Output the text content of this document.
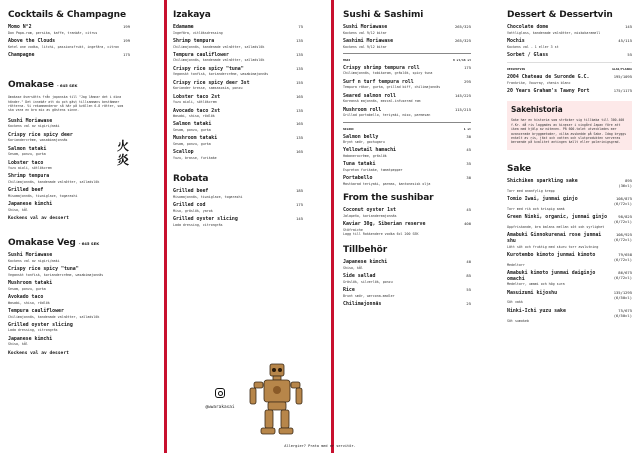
Cocktails & Champagne
Momo N°2	199
Don Papa-rom, persika, kaffe, tranbär, citrus
Above the Clouds	199
Ketel one vodka, litchi, passionsfrukt, ingefära, citron
Champagne	175
Omakase - 645 SEK
Omakase översätts från japanska till "Jag lämnar det i dina händer." Det innebär att du och gäst tillsammans bestämmer rätterna. Vi rekommenderar så här på kvällen 6-8 rätter, som ska vara en bra mix av gästens sinne.
Sushi Moriawase
Kockens val av nigiri/maki
Crispy rice spicy deer
Koriandercrème, wasabimajonnäs
Salmon tataki
Sesam, ponzu, gurka
Lobster taco
Yuzu aioli, sötlökcrem
Shrimp tempura
Chilimajonnäs, kandenade valnötter, salladslök
Grilled beef
Misomajonnäs, tiwniglaze, togarashi
Japanese kimchi
Shiso, kål
Kockens val av dessert
Omakase Veg - 645 SEK
Sushi Moriawase
Kockens val av nigiri/maki
Crispy rice spicy "tuna"
Veganskt tonfisk, koriandercrème, wasabimajonnäs
Mushroom tataki
Sesam, ponzu, gurka
Avokado taco
Wasabi, shiso, rödlök
Tempura cauliflower
Chilimajonnäs, kandenade valnötter, salladslök
Grilled oyster slicing
Lada dressing, citrongräs
Japanese kimchi
Shiso, kål
Kockens val av dessert
火
炎
Izakaya
Edamame	75
Ingefära, vitlöksdressing
Shrimp tempura	135
Chilimajonnäs, kandenade valnötter, salladslök
Tempura cauliflower	135
Chilimajonnäs, kandenade valnötter, salladslök
Crispy rice spicy "tuna"	135
Veganskt tonfisk, koriandercrème, wasabimajonnäs
Crispy rice spicy deer 3st	155
Koriander kresse, samsasosia, ponzu
Lobster taco 2st	165
Yuzu aioli, sötlökcrem
Avocado taco 2st	135
Wasabi, shiso, rödlök
Salmon tataki	165
Sesam, ponzu, gurka
Mushroom tataki	135
Sesam, ponzu, gurka
Scallop	165
Yuzu, brasse, furikake
Robata
Grilled beef	185
Misomajonnäs, tiwniglaze, togarashi
Grilled cod	175
Miso, gräslök, yarok
Grilled oyster slicing	145
Lada dressing, citrongräs
@wwarakasai
Sushi & Sashimi
Sushi Moriawase	265/325
Kockens val 9/12 bitar
Sashimi Moriawase	265/325
Kockens val 9/12 bitar
MAKI	8 st/16 st
Crispy shrimp tempura roll	175
Chilimajonnäs, tobikorom, gräslök, spicy tuna
Surf n turf tempura roll	295
Tempura räkor, gurka, grillad biff, chilimajonnäs
Seared salmon roll	145/225
Koreansk majonnäs, mezcal-infuserad rom
Mushroom roll	115/215
Grillad portabello, teriyaki, miso, parmesan
NIGIRI	1 st
Salmon belly	30
Brynt smör, gochugaru
Yellowtail hamachi	45
Habanerocrème, gräslök
Tuna tataki	35
Espreton furikake, tomatpepper
Portabello	30
Mastkarad teriyaki, parmas, kantonesisk olja
From the sushibar
Coconut oyster 1st	45
Jalapeño, koriandermajonnäs
Kaviar 30g, Siberian reserve	400
Stöfraiche
Lagg till Rokkendere vodka 6cl 200 SEK
Tillbehör
Japanese kimchi	40
Shiso, kål
Side sallad	85
Gräslök, silverlök, ponzu
Rice	55
Brunt smör, wercona-madler
Chilimajonnäs	25
Dessert & Dessertvin
Chocolate dome	145
Vattliglass, kandenade valnötter, miskokaramell
Mochis	45/115
Kockens val - 1 eller 3 st
Sorbet / Glass	55
DESSERTVIN	GLAS/FLASKA
2004 Chateau de Suronde G.C.	195/1095
Frankrike, Vouvray, chenin blanc
20 Years Graham's Tawny Port	175/1175
Sakehistoria

Sake har en historia som sträcker sig tillbaka till 300-400 f.Kr. då ris laggades av kineser i vingård Japan före att ikea med hjälp av mitenen. På 600-talet utvecklades mer avancerade bryggmetoder, vilka avskedde på Sake. Idag bryggs enkelt av ris, jäst och vatten och slutprodukten serveras beroende på kvalitet antingen kallt eller polerinigsgrad.

Sake
Shichiken sparkling sake	895
(36cl)
Torr med ananfylig krepp
Tomio Iwai, junmai ginjo	108/875
(6/72cl)
Torr med rik och krispig smak
Green Ninki, organic, junmai ginjo	98/825
(6/72cl)
Uppfriskande, bra balans mellan söt och syrlighet
Amabuki Ginnokurenai rose junmai shu
108/925
(6/72cl)
Lätt söt och fruktig med skuru torr avslutning
Kurotembo kimoto junmai kimoto	79/658
(6/72cl)
Medeltorr
Amabuki kimoto junmai daiginjo omachi
86/675
(6/72cl)
Medeltorr, umami och hög sura
Masuizumi kijoshu	135/1295
(6/50cl)
Söt vakk
Ninki-Ichi yuzu sake	75/675
(6/50cl)
Söt sumokeb
Allergier? Prata med er servitör.
